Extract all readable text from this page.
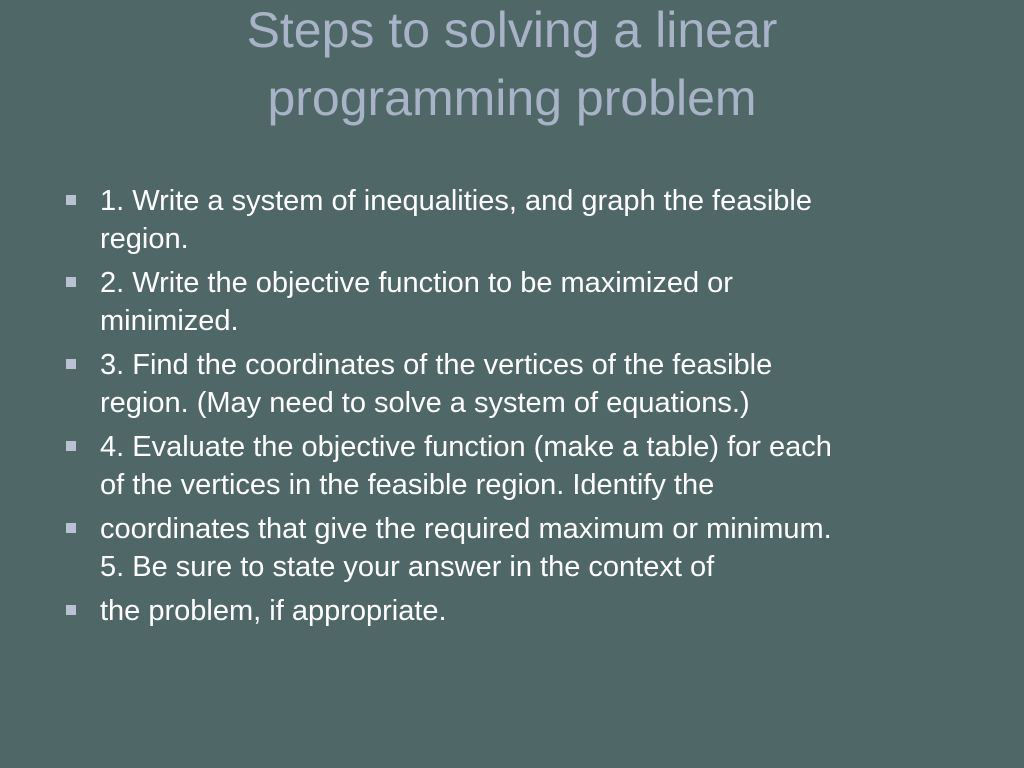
Steps to solving a linear
programming problem
1. Write a system of inequalities, and graph the feasible
region.
2. Write the objective function to be maximized or
minimized.
3. Find the coordinates of the vertices of the feasible
region. (May need to solve a system of equations.)
4. Evaluate the objective function (make a table) for each
of the vertices in the feasible region. Identify the
coordinates that give the required maximum or minimum.
5. Be sure to state your answer in the context of
the problem, if appropriate.
